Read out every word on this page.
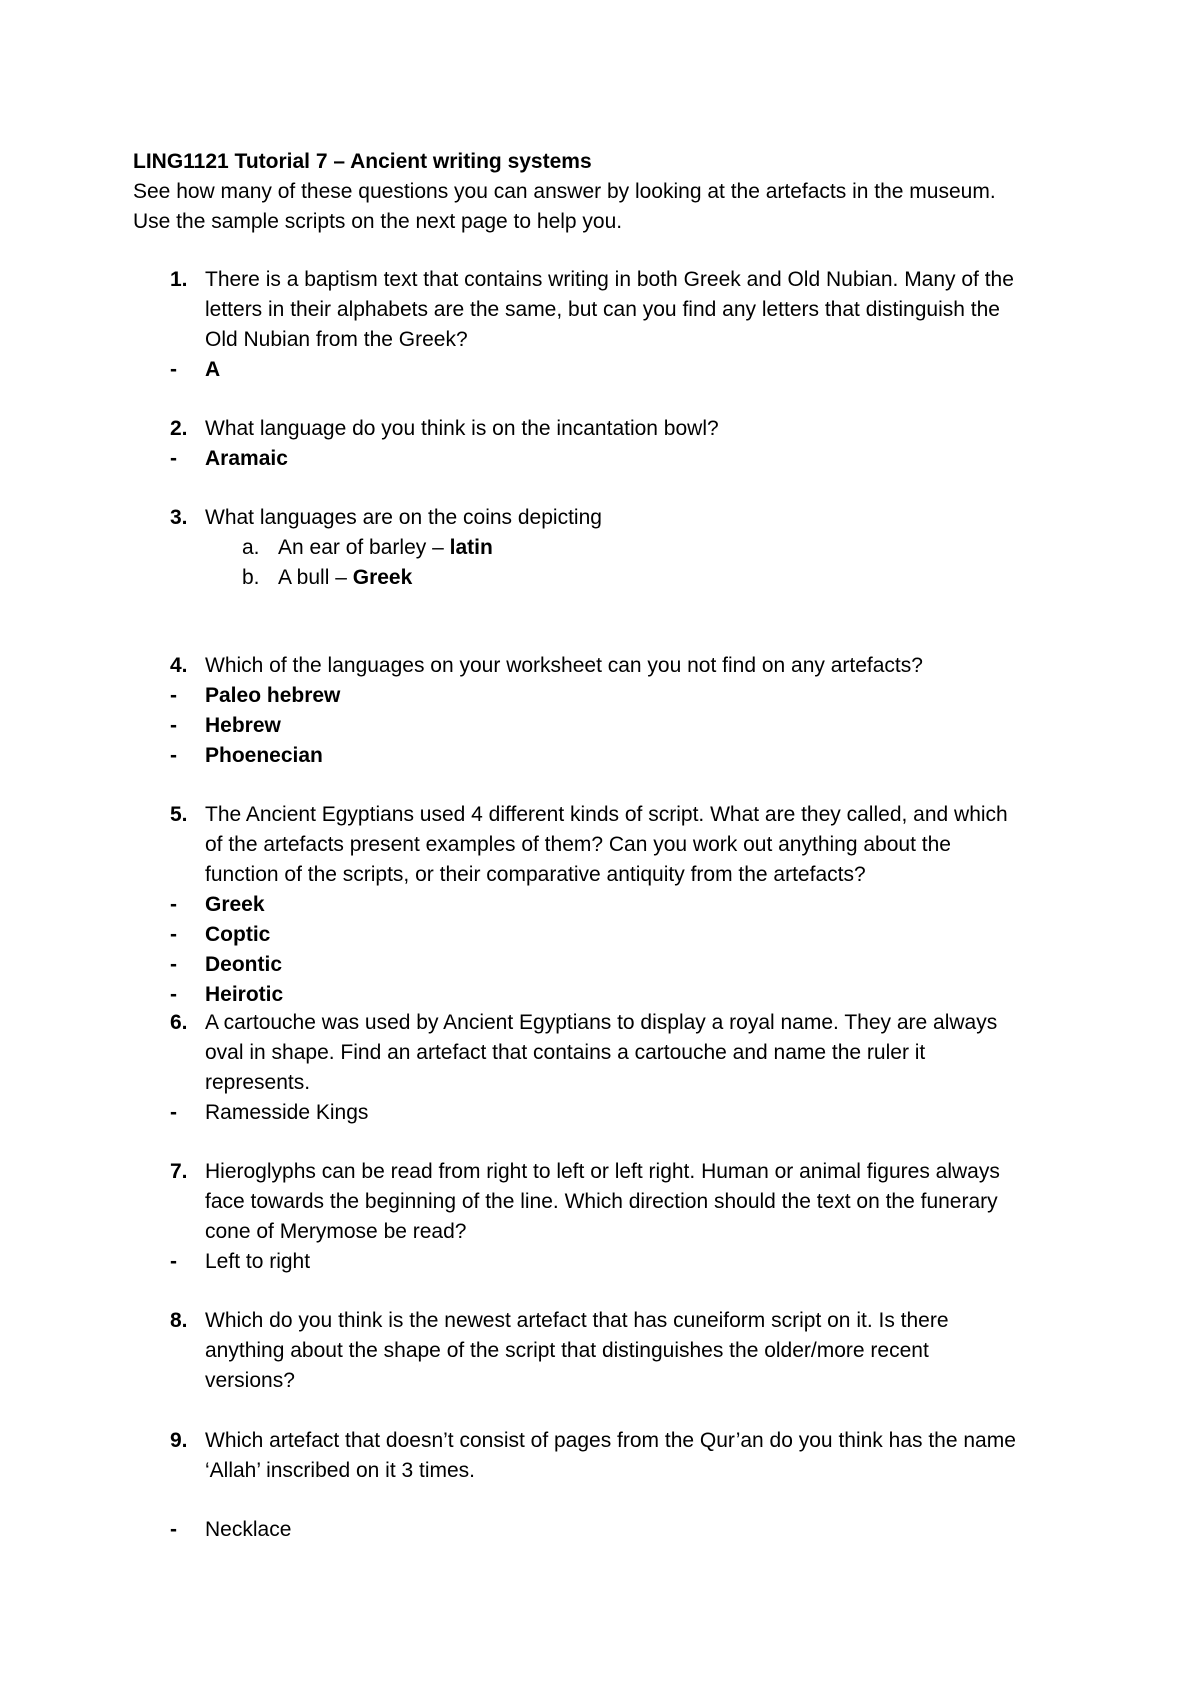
LING1121 Tutorial 7 – Ancient writing systems
See how many of these questions you can answer by looking at the artefacts in the museum.
Use the sample scripts on the next page to help you.
1. There is a baptism text that contains writing in both Greek and Old Nubian. Many of the
letters in their alphabets are the same, but can you find any letters that distinguish the
Old Nubian from the Greek?
- A
2. What language do you think is on the incantation bowl?
- Aramaic
3. What languages are on the coins depicting
a. An ear of barley – latin
b. A bull – Greek
4. Which of the languages on your worksheet can you not find on any artefacts?
- Paleo hebrew
- Hebrew
- Phoenecian
5. The Ancient Egyptians used 4 different kinds of script. What are they called, and which
of the artefacts present examples of them? Can you work out anything about the
function of the scripts, or their comparative antiquity from the artefacts?
- Greek
- Coptic
- Deontic
- Heirotic
6. A cartouche was used by Ancient Egyptians to display a royal name. They are always
oval in shape. Find an artefact that contains a cartouche and name the ruler it
represents.
- Ramesside Kings
7. Hieroglyphs can be read from right to left or left right. Human or animal figures always
face towards the beginning of the line. Which direction should the text on the funerary
cone of Merymose be read?
- Left to right
8. Which do you think is the newest artefact that has cuneiform script on it. Is there
anything about the shape of the script that distinguishes the older/more recent
versions?
9. Which artefact that doesn’t consist of pages from the Qur’an do you think has the name
‘Allah’ inscribed on it 3 times.
- Necklace
